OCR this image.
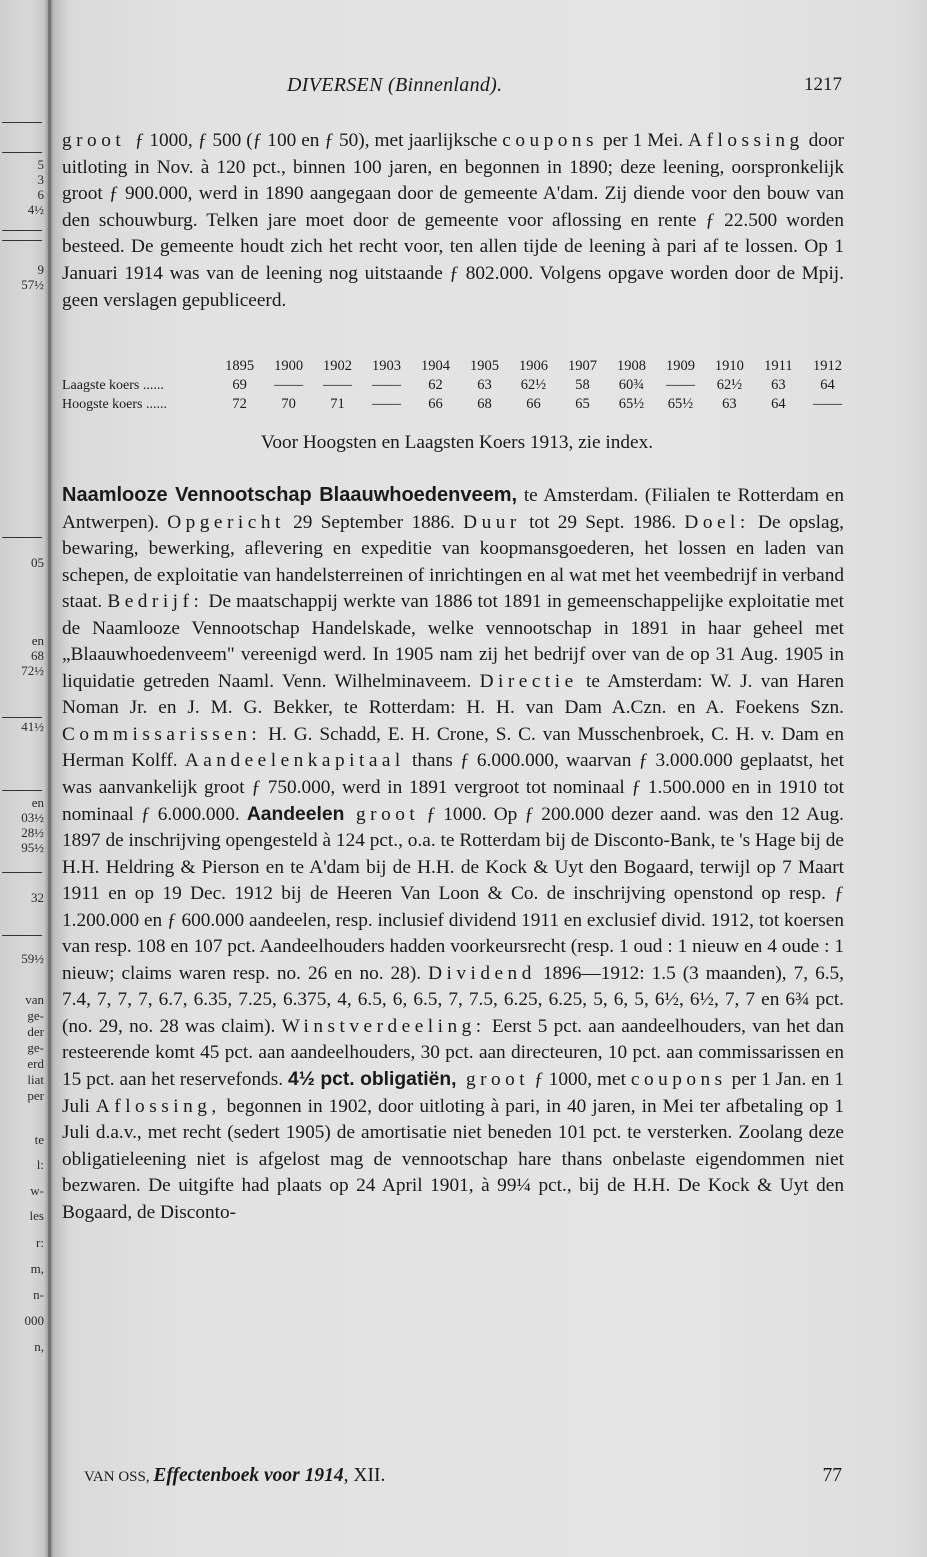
5
3
6
4½
9
57½
05
en
68
72½
41½
en
03½
28½
95½
32
59½
van
ge-
der
ge-
erd
liat
per
te
l:
w-
les
r:
m,
n-
000
n,
DIVERSEN (Binnenland).	1217

groot ƒ 1000, ƒ 500 (ƒ 100 en ƒ 50), met jaarlijksche coupons per 1 Mei. Aflossing door uitloting in Nov. à 120 pct., binnen 100 jaren, en begonnen in 1890; deze leening, oorspronkelijk groot ƒ 900.000, werd in 1890 aangegaan door de gemeente A'dam. Zij diende voor den bouw van den schouwburg. Telken jare moet door de gemeente voor aflossing en rente ƒ 22.500 worden besteed. De gemeente houdt zich het recht voor, ten allen tijde de leening à pari af te lossen. Op 1 Januari 1914 was van de leening nog uitstaande ƒ 802.000. Volgens opgave worden door de Mpij. geen verslagen gepubliceerd.

	1895	1900	1902	1903	1904	1905	1906	1907	1908	1909	1910	1911	1912
Laagste koers ......	69	——	——	——	62	63	62½	58	60¾	——	62½	63	64
Hoogste koers ......	72	70	71	——	66	68	66	65	65½	65½	63	64	——
Voor Hoogsten en Laagsten Koers 1913, zie index.

Naamlooze Vennootschap Blaauwhoedenveem, te Amsterdam. (Filialen te Rotterdam en Antwerpen). Opgericht 29 September 1886. Duur tot 29 Sept. 1986. Doel: De opslag, bewaring, bewerking, aflevering en expeditie van koopmansgoederen, het lossen en laden van schepen, de exploitatie van handelsterreinen of inrichtingen en al wat met het veembedrijf in verband staat. Bedrijf: De maatschappij werkte van 1886 tot 1891 in gemeenschappelijke exploitatie met de Naamlooze Vennootschap Handelskade, welke vennootschap in 1891 in haar geheel met „Blaauwhoedenveem" vereenigd werd. In 1905 nam zij het bedrijf over van de op 31 Aug. 1905 in liquidatie getreden Naaml. Venn. Wilhelminaveem. Directie te Amsterdam: W. J. van Haren Noman Jr. en J. M. G. Bekker, te Rotterdam: H. H. van Dam A.Czn. en A. Foekens Szn. Commissarissen: H. G. Schadd, E. H. Crone, S. C. van Musschenbroek, C. H. v. Dam en Herman Kolff. Aandeelenkapitaal thans ƒ 6.000.000, waarvan ƒ 3.000.000 geplaatst, het was aanvankelijk groot ƒ 750.000, werd in 1891 vergroot tot nominaal ƒ 1.500.000 en in 1910 tot nominaal ƒ 6.000.000. Aandeelen groot ƒ 1000. Op ƒ 200.000 dezer aand. was den 12 Aug. 1897 de inschrijving opengesteld à 124 pct., o.a. te Rotterdam bij de Disconto-Bank, te 's Hage bij de H.H. Heldring & Pierson en te A'dam bij de H.H. de Kock & Uyt den Bogaard, terwijl op 7 Maart 1911 en op 19 Dec. 1912 bij de Heeren Van Loon & Co. de inschrijving openstond op resp. ƒ 1.200.000 en ƒ 600.000 aandeelen, resp. inclusief dividend 1911 en exclusief divid. 1912, tot koersen van resp. 108 en 107 pct. Aandeelhouders hadden voorkeursrecht (resp. 1 oud : 1 nieuw en 4 oude : 1 nieuw; claims waren resp. no. 26 en no. 28). Dividend 1896—1912: 1.5 (3 maanden), 7, 6.5, 7.4, 7, 7, 7, 6.7, 6.35, 7.25, 6.375, 4, 6.5, 6, 6.5, 7, 7.5, 6.25, 6.25, 5, 6, 5, 6½, 6½, 7, 7 en 6¾ pct. (no. 29, no. 28 was claim). Winstverdeeling: Eerst 5 pct. aan aandeelhouders, van het dan resteerende komt 45 pct. aan aandeelhouders, 30 pct. aan directeuren, 10 pct. aan commissarissen en 15 pct. aan het reservefonds. 4½ pct. obligatiën, groot ƒ 1000, met coupons per 1 Jan. en 1 Juli Aflossing, begonnen in 1902, door uitloting à pari, in 40 jaren, in Mei ter afbetaling op 1 Juli d.a.v., met recht (sedert 1905) de amortisatie niet beneden 101 pct. te versterken. Zoolang deze obligatieleening niet is afgelost mag de vennootschap hare thans onbelaste eigendommen niet bezwaren. De uitgifte had plaats op 24 April 1901, à 99¼ pct., bij de H.H. De Kock & Uyt den Bogaard, de Disconto-

VAN OSS, Effectenboek voor 1914, XII.	77
